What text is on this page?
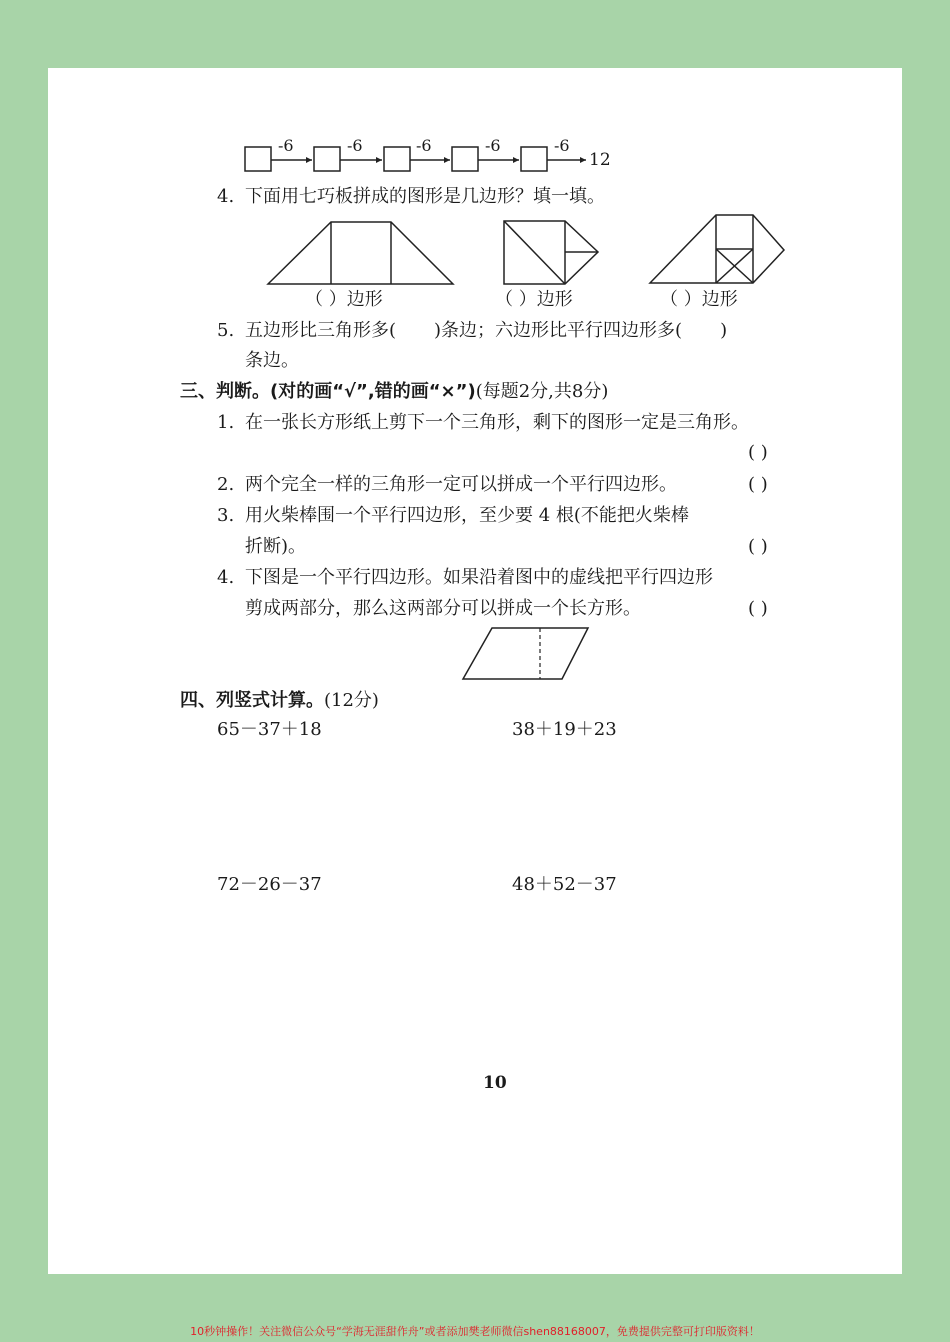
-6	-6	-6	-6	-6
12
4. 下面用七巧板拼成的图形是几边形？填一填。
（ ）边形	（ ）边形	（ ）边形
5. 五边形比三角形多( )条边；六边形比平行四边形多( )
条边。
三、判断。(对的画“√”,错的画“×”)(每题2分,共8分)
1. 在一张长方形纸上剪下一个三角形，剩下的图形一定是三角形。
( )
2. 两个完全一样的三角形一定可以拼成一个平行四边形。	( )
3. 用火柴棒围一个平行四边形，至少要 4 根(不能把火柴棒
折断)。	( )
4. 下图是一个平行四边形。如果沿着图中的虚线把平行四边形
剪成两部分，那么这两部分可以拼成一个长方形。	( )
四、列竖式计算。(12分)
65－37＋18	38＋19＋23
72－26－37	48＋52－37
10
10秒钟操作！关注微信公众号“学海无涯甜作舟”或者添加樊老师微信shen88168007，免费提供完整可打印版资料！
